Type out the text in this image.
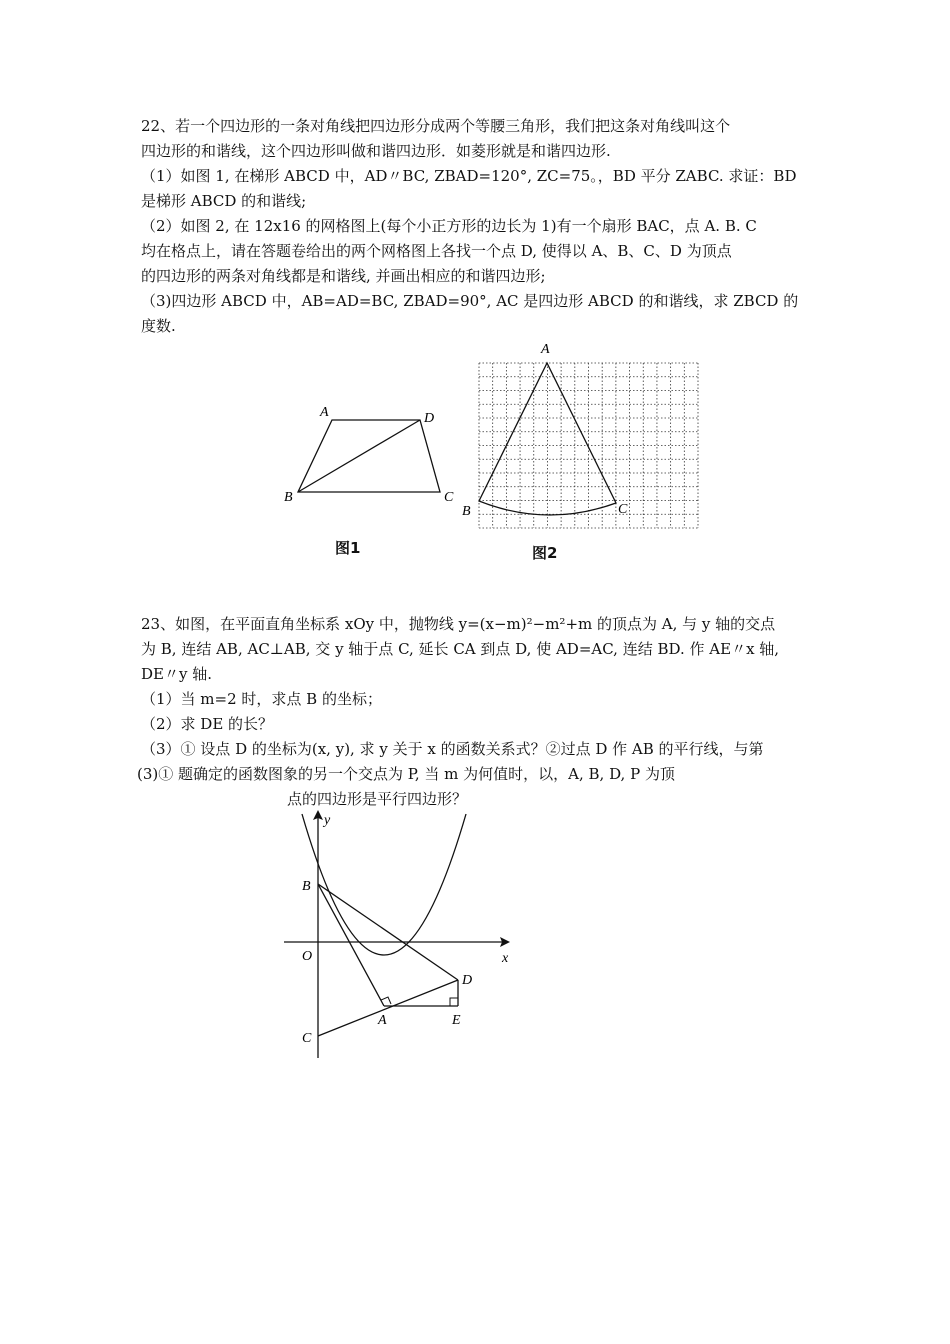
22、若一个四边形的一条对角线把四边形分成两个等腰三角形，我们把这条对角线叫这个
四边形的和谐线，这个四边形叫做和谐四边形．如菱形就是和谐四边形.
（1）如图 1, 在梯形 ABCD 中，AD〃BC, ZBAD=120°, ZC=75。，BD 平分 ZABC. 求证：BD
是梯形 ABCD 的和谐线;
（2）如图 2, 在 12x16 的网格图上(每个小正方形的边长为 1)有一个扇形 BAC，点 A. B. C
均在格点上，请在答题卷给出的两个网格图上各找一个点 D, 使得以 A、B、C、D 为顶点
的四边形的两条对角线都是和谐线, 并画出相应的和谐四边形;
（3)四边形 ABCD 中，AB=AD=BC, ZBAD=90°, AC 是四边形 ABCD 的和谐线，求 ZBCD 的
度数.
A	D
B	C
图1
A
B	C
图2
23、如图，在平面直角坐标系 xOy 中，抛物线 y=(x−m)²−m²+m 的顶点为 A, 与 y 轴的交点
为 B, 连结 AB, AC⊥AB, 交 y 轴于点 C, 延长 CA 到点 D, 使 AD=AC, 连结 BD. 作 AE〃x 轴,
DE〃y 轴.
（1）当 m=2 时，求点 B 的坐标；
（2）求 DE 的长？
（3）① 设点 D 的坐标为(x, y), 求 y 关于 x 的函数关系式？②过点 D 作 AB 的平行线，与第
(3)① 题确定的函数图象的另一个交点为 P, 当 m 为何值时，以，A, B, D, P 为顶
点的四边形是平行四边形？
y
x
O
B
A
D
E
C
